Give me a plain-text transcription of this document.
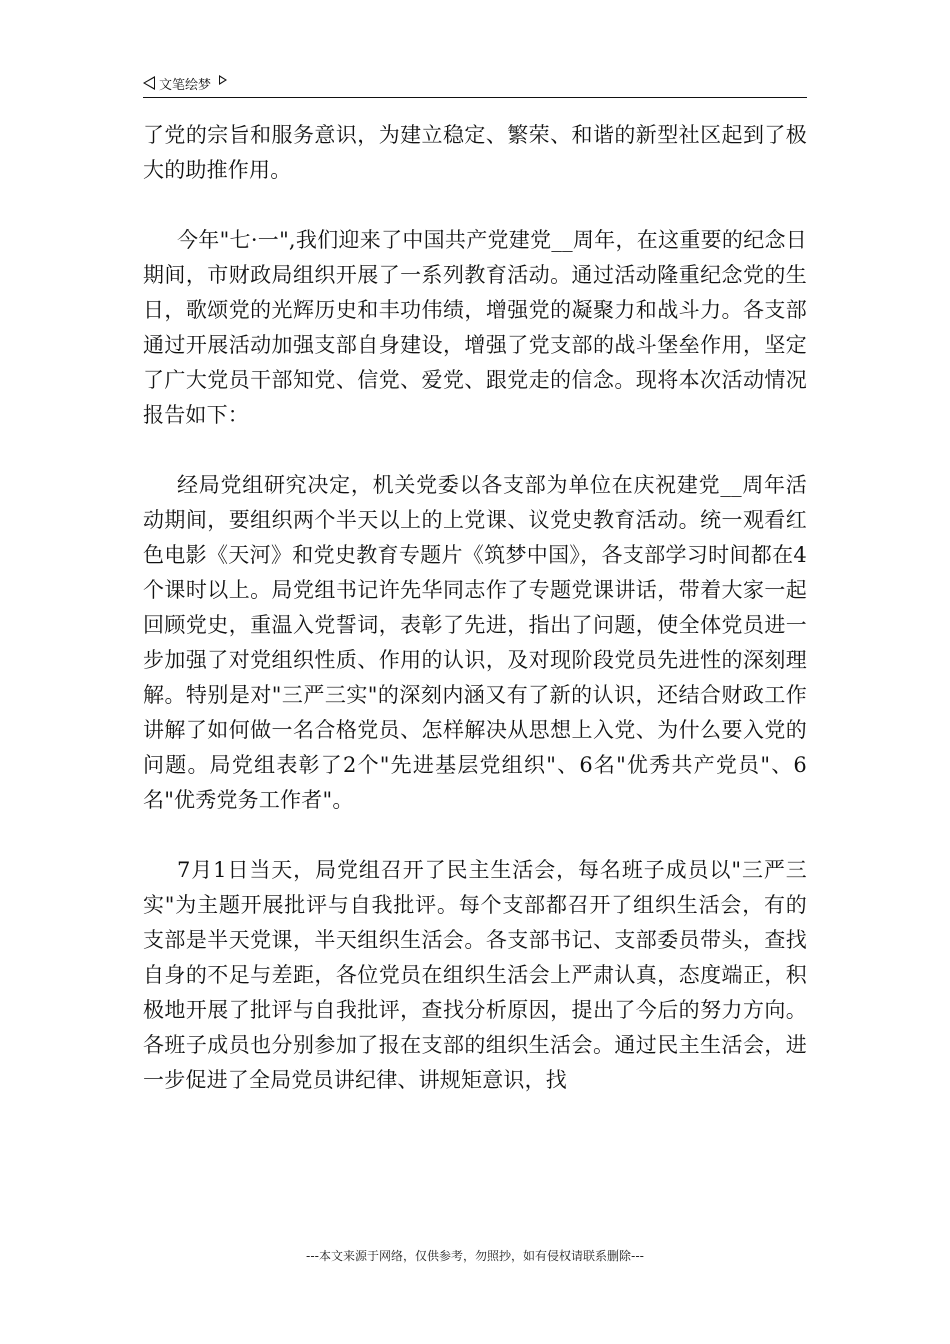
文笔绘梦

了党的宗旨和服务意识，为建立稳定、繁荣、和谐的新型社区起到了极大的助推作用。

今年"七·一",我们迎来了中国共产党建党__周年，在这重要的纪念日期间，市财政局组织开展了一系列教育活动。通过活动隆重纪念党的生日，歌颂党的光辉历史和丰功伟绩，增强党的凝聚力和战斗力。各支部通过开展活动加强支部自身建设，增强了党支部的战斗堡垒作用，坚定了广大党员干部知党、信党、爱党、跟党走的信念。现将本次活动情况报告如下：

经局党组研究决定，机关党委以各支部为单位在庆祝建党__周年活动期间，要组织两个半天以上的上党课、议党史教育活动。统一观看红色电影《天河》和党史教育专题片《筑梦中国》，各支部学习时间都在4个课时以上。局党组书记许先华同志作了专题党课讲话，带着大家一起回顾党史，重温入党誓词，表彰了先进，指出了问题，使全体党员进一步加强了对党组织性质、作用的认识，及对现阶段党员先进性的深刻理解。特别是对"三严三实"的深刻内涵又有了新的认识，还结合财政工作讲解了如何做一名合格党员、怎样解决从思想上入党、为什么要入党的问题。局党组表彰了2个"先进基层党组织"、6名"优秀共产党员"、6名"优秀党务工作者"。

7月1日当天，局党组召开了民主生活会，每名班子成员以"三严三实"为主题开展批评与自我批评。每个支部都召开了组织生活会，有的支部是半天党课，半天组织生活会。各支部书记、支部委员带头，查找自身的不足与差距，各位党员在组织生活会上严肃认真，态度端正，积极地开展了批评与自我批评，查找分析原因，提出了今后的努力方向。各班子成员也分别参加了报在支部的组织生活会。通过民主生活会，进一步促进了全局党员讲纪律、讲规矩意识，找

---本文来源于网络，仅供参考，勿照抄，如有侵权请联系删除---
